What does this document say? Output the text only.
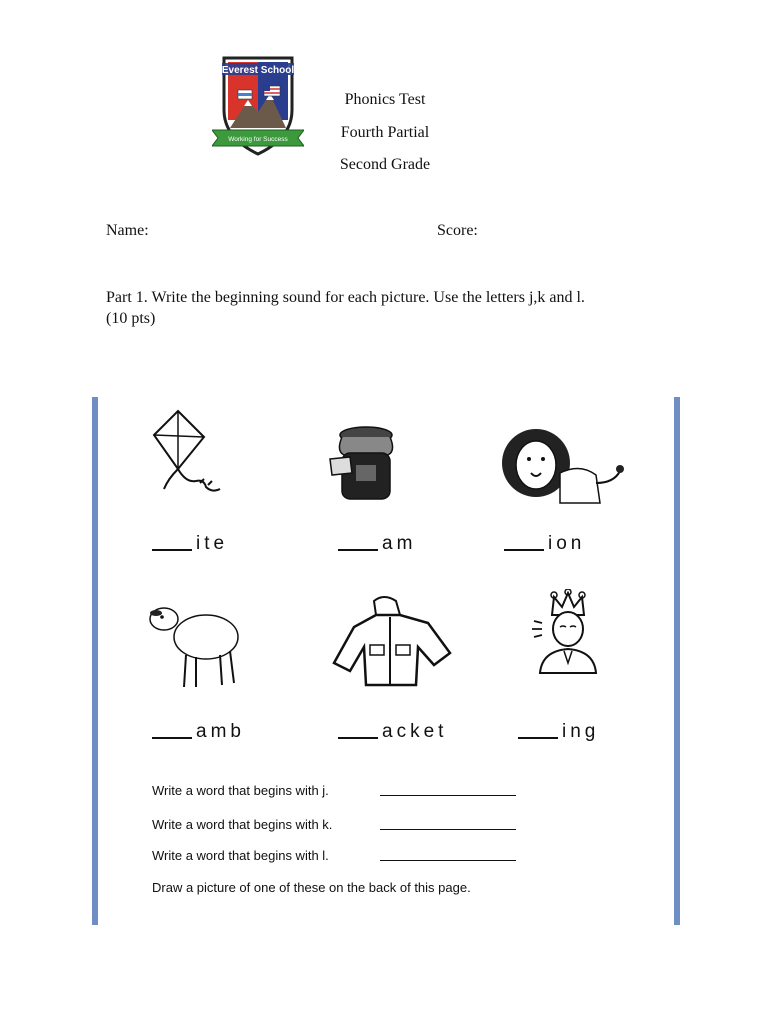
Everest School
Working for Success
Phonics Test
Fourth Partial
Second Grade
Name:	Score:
Part 1. Write the beginning sound for each picture. Use the letters j,k and l.
(10 pts)
ite	am	ion
amb	acket	ing
Write a word that begins with j.
Write a word that begins with k.
Write a word that begins with l.
Draw a picture of one of these on the back of this page.
